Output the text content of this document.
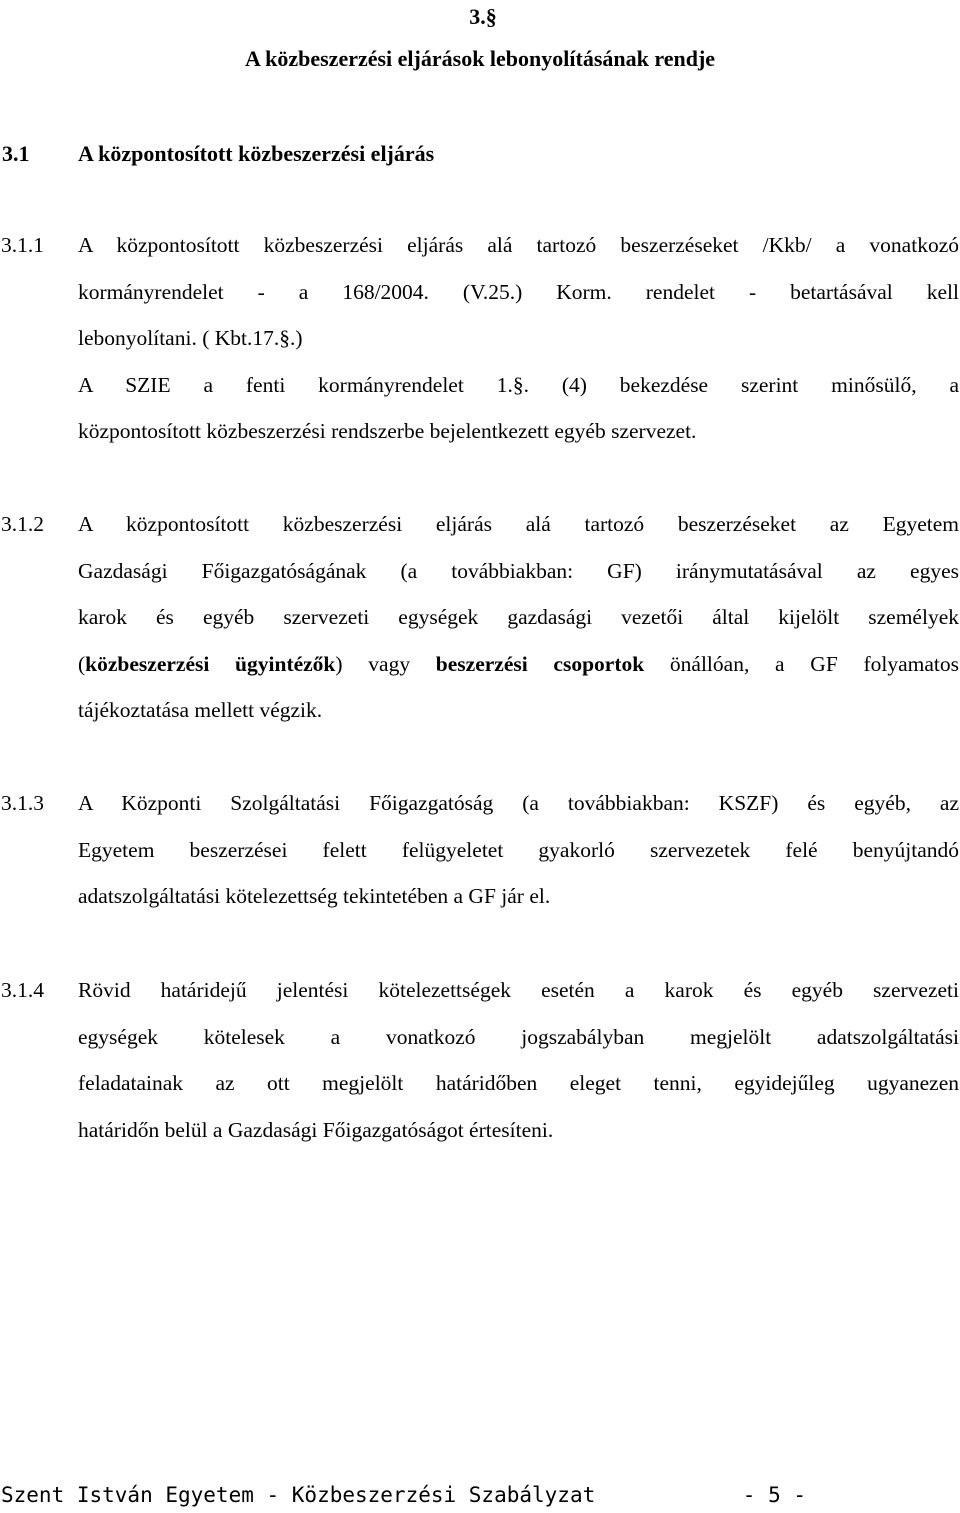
3.§
A közbeszerzési eljárások lebonyolításának rendje
3.1 A központosított közbeszerzési eljárás
3.1.1 A központosított közbeszerzési eljárás alá tartozó beszerzéseket /Kkb/ a vonatkozó
kormányrendelet - a 168/2004. (V.25.) Korm. rendelet - betartásával kell
lebonyolítani. ( Kbt.17.§.)
A SZIE a fenti kormányrendelet 1.§. (4) bekezdése szerint minősülő, a
központosított közbeszerzési rendszerbe bejelentkezett egyéb szervezet.
3.1.2 A központosított közbeszerzési eljárás alá tartozó beszerzéseket az Egyetem
Gazdasági Főigazgatóságának (a továbbiakban: GF) iránymutatásával az egyes
karok és egyéb szervezeti egységek gazdasági vezetői által kijelölt személyek
(közbeszerzési ügyintézők) vagy beszerzési csoportok önállóan, a GF folyamatos
tájékoztatása mellett végzik.
3.1.3 A Központi Szolgáltatási Főigazgatóság (a továbbiakban: KSZF) és egyéb, az
Egyetem beszerzései felett felügyeletet gyakorló szervezetek felé benyújtandó
adatszolgáltatási kötelezettség tekintetében a GF jár el.
3.1.4 Rövid határidejű jelentési kötelezettségek esetén a karok és egyéb szervezeti
egységek kötelesek a vonatkozó jogszabályban megjelölt adatszolgáltatási
feladatainak az ott megjelölt határidőben eleget tenni, egyidejűleg ugyanezen
határidőn belül a Gazdasági Főigazgatóságot értesíteni.
Szent István Egyetem - Közbeszerzési Szabályzat	- 5 -
